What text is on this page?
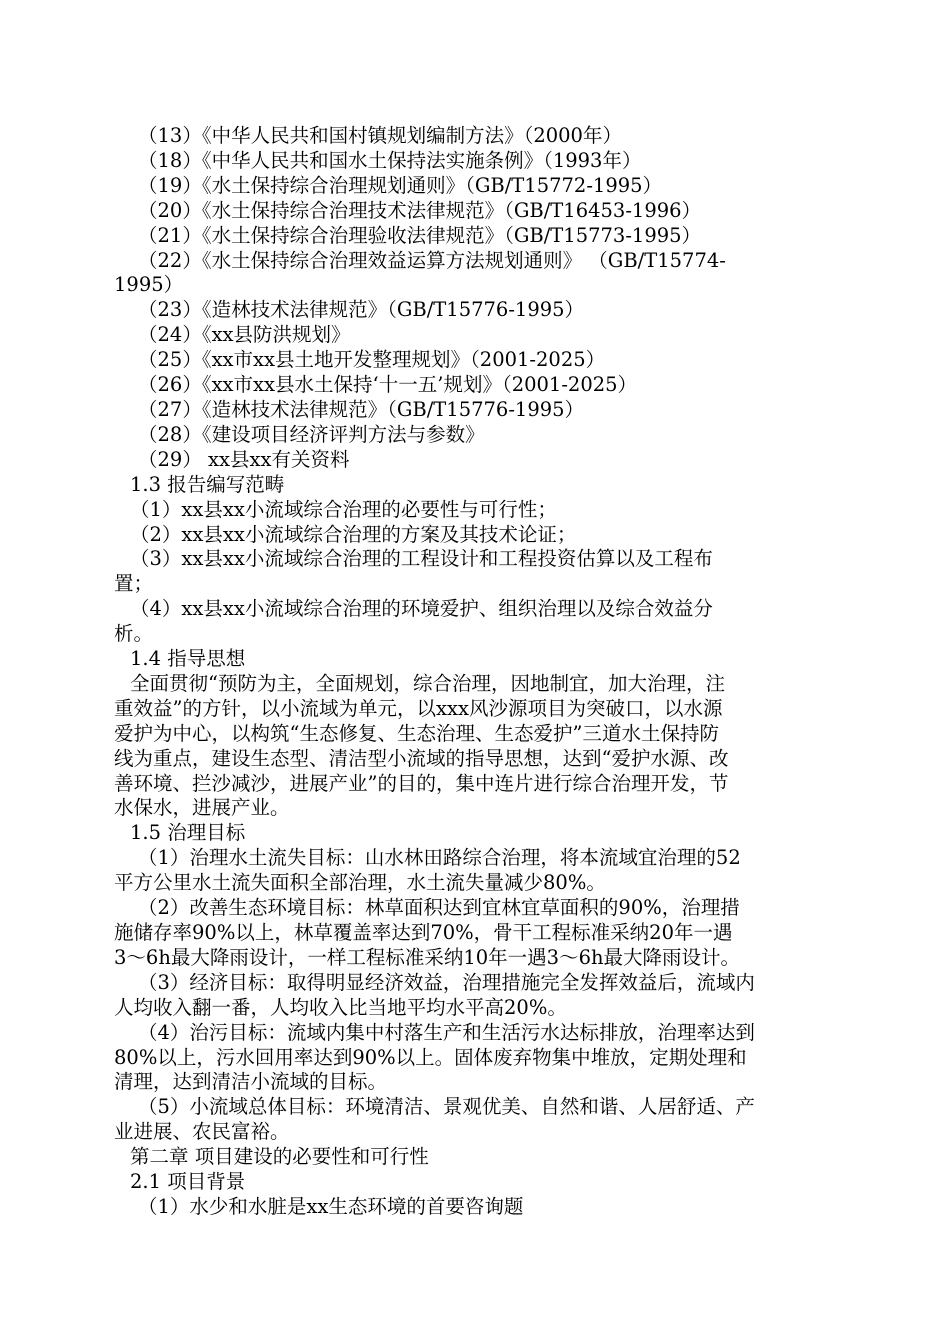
（13）《中华人民共和国村镇规划编制方法》（2000年）
（18）《中华人民共和国水土保持法实施条例》（1993年）
（19）《水土保持综合治理规划通则》（GB/T15772-1995）
（20）《水土保持综合治理技术法律规范》（GB/T16453-1996）
（21）《水土保持综合治理验收法律规范》（GB/T15773-1995）
（22）《水土保持综合治理效益运算方法规划通则》 （GB/T15774-
1995）
（23）《造林技术法律规范》（GB/T15776-1995）
（24）《xx县防洪规划》
（25）《xx市xx县土地开发整理规划》（2001-2025）
（26）《xx市xx县水土保持‘十一五’规划》（2001-2025）
（27）《造林技术法律规范》（GB/T15776-1995）
（28）《建设项目经济评判方法与参数》
（29） xx县xx有关资料
1.3 报告编写范畴
（1）xx县xx小流域综合治理的必要性与可行性；
（2）xx县xx小流域综合治理的方案及其技术论证；
（3）xx县xx小流域综合治理的工程设计和工程投资估算以及工程布
置；
（4）xx县xx小流域综合治理的环境爱护、组织治理以及综合效益分
析。
1.4 指导思想
全面贯彻“预防为主，全面规划，综合治理，因地制宜，加大治理，注
重效益”的方针，以小流域为单元，以xxx风沙源项目为突破口，以水源
爱护为中心，以构筑“生态修复、生态治理、生态爱护”三道水土保持防
线为重点，建设生态型、清洁型小流域的指导思想，达到“爱护水源、改
善环境、拦沙减沙，进展产业”的目的，集中连片进行综合治理开发，节
水保水，进展产业。
1.5 治理目标
（1）治理水土流失目标：山水林田路综合治理，将本流域宜治理的52
平方公里水土流失面积全部治理，水土流失量减少80%。
（2）改善生态环境目标：林草面积达到宜林宜草面积的90%，治理措
施储存率90%以上，林草覆盖率达到70%，骨干工程标准采纳20年一遇
3～6h最大降雨设计，一样工程标准采纳10年一遇3～6h最大降雨设计。
（3）经济目标：取得明显经济效益，治理措施完全发挥效益后，流域内
人均收入翻一番，人均收入比当地平均水平高20%。
（4）治污目标：流域内集中村落生产和生活污水达标排放，治理率达到
80%以上，污水回用率达到90%以上。固体废弃物集中堆放，定期处理和
清理，达到清洁小流域的目标。
（5）小流域总体目标：环境清洁、景观优美、自然和谐、人居舒适、产
业进展、农民富裕。
第二章 项目建设的必要性和可行性
2.1 项目背景
（1）水少和水脏是xx生态环境的首要咨询题
